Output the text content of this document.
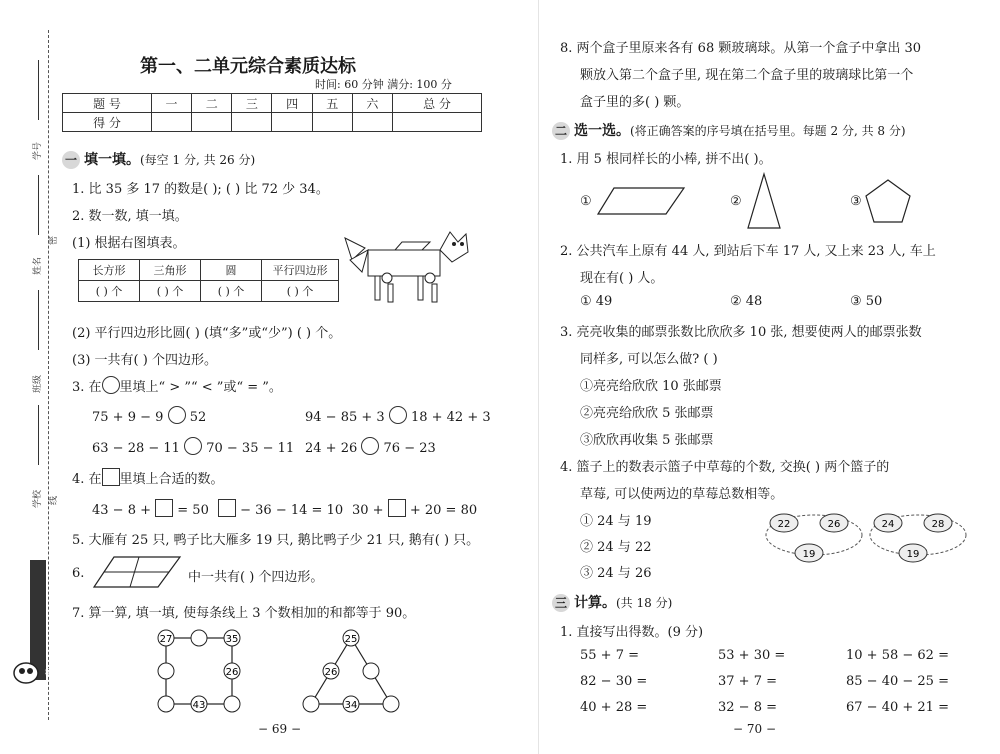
学号
姓名
班级
学校
密
线
数学二年级上册 SJ版
第一、二单元综合素质达标
时间: 60 分钟 满分: 100 分
题 号	一	二	三	四	五	六	总 分
得 分							
一 填一填。(每空 1 分, 共 26 分)
1. 比 35 多 17 的数是( ); ( ) 比 72 少 34。
2. 数一数, 填一填。
(1) 根据右图填表。
长方形	三角形	圆	平行四边形
( ) 个	( ) 个	( ) 个	( ) 个
(2) 平行四边形比圆( ) (填“多”或“少”) ( ) 个。
(3) 一共有( ) 个四边形。
3. 在 里填上“ > ”“ < ”或“ = ”。
75 + 9 − 9 52	94 − 85 + 3 18 + 42 + 3
63 − 28 − 11 70 − 35 − 11 24 + 26 76 − 23
4. 在 里填上合适的数。
43 − 8 + = 50	− 36 − 14 = 10 30 + + 20 = 80
5. 大雁有 25 只, 鸭子比大雁多 19 只, 鹅比鸭子少 21 只, 鹅有( ) 只。
6.	中一共有( ) 个四边形。
7. 算一算, 填一填, 使每条线上 3 个数相加的和都等于 90。
27	35
26
43
25
26
34
− 69 −
8. 两个盒子里原来各有 68 颗玻璃球。从第一个盒子中拿出 30
颗放入第二个盒子里, 现在第二个盒子里的玻璃球比第一个
盒子里的多( ) 颗。
二 选一选。(将正确答案的序号填在括号里。每题 2 分, 共 8 分)
1. 用 5 根同样长的小棒, 拼不出( )。
①	②	③
2. 公共汽车上原有 44 人, 到站后下车 17 人, 又上来 23 人, 车上
现在有( ) 人。
① 49	② 48	③ 50
3. 亮亮收集的邮票张数比欣欣多 10 张, 想要使两人的邮票张数
同样多, 可以怎么做? ( )
①亮亮给欣欣 10 张邮票
②亮亮给欣欣 5 张邮票
③欣欣再收集 5 张邮票
4. 篮子上的数表示篮子中草莓的个数, 交换( ) 两个篮子的
草莓, 可以使两边的草莓总数相等。
① 24 与 19
② 24 与 22
③ 24 与 26
22	26
19
24	28
19
三 计算。(共 18 分)
1. 直接写出得数。(9 分)
55 + 7 =	53 + 30 =	10 + 58 − 62 =
82 − 30 =	37 + 7 =	85 − 40 − 25 =
40 + 28 =	32 − 8 =	67 − 40 + 21 =
− 70 −
